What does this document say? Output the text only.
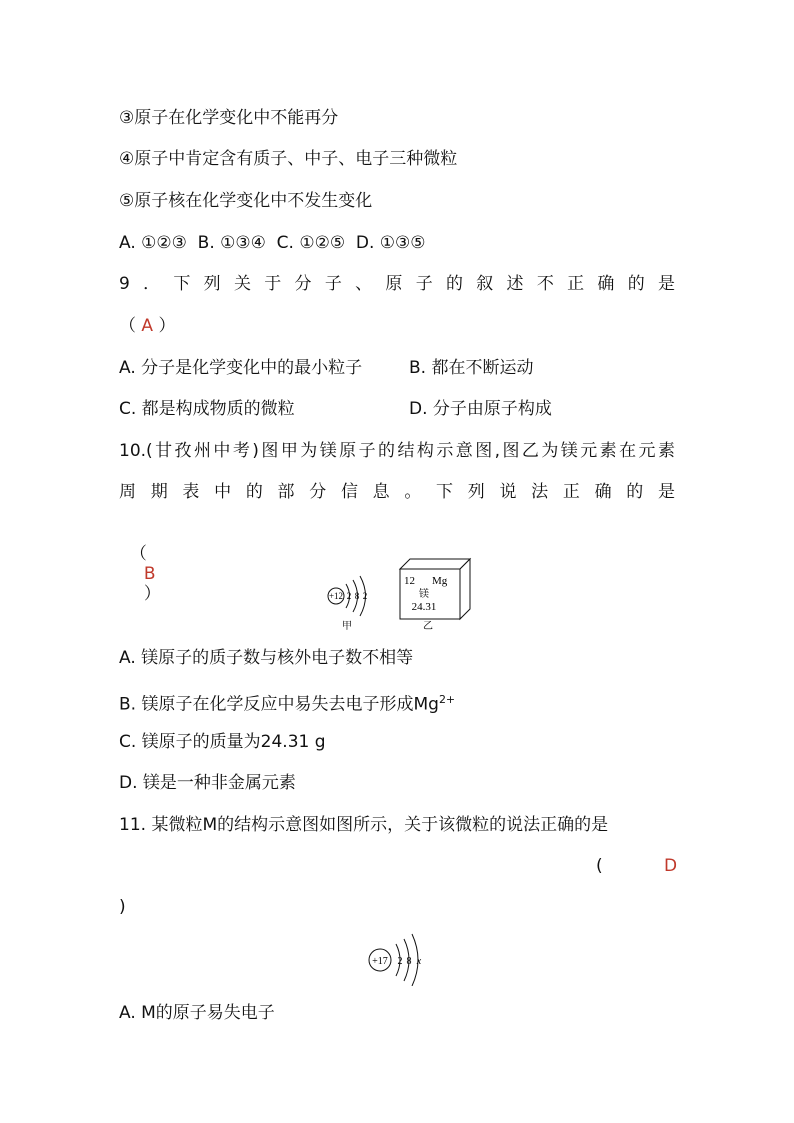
③原子在化学变化中不能再分
④原子中肯定含有质子、中子、电子三种微粒
⑤原子核在化学变化中不发生变化
A. ①②③  B. ①③④  C. ①②⑤  D. ①③⑤
9．下列关于分子、原子的叙述不正确的是
（ A ）
A. 分子是化学变化中的最小粒子	B. 都在不断运动
C. 都是构成物质的微粒	D. 分子由原子构成
10.(甘孜州中考)图甲为镁原子的结构示意图,图乙为镁元素在元素
周期表中的部分信息。下列说法正确的是

（
B
）	+12 2 8 2
甲
12 Mg
镁
24.31
乙
A. 镁原子的质子数与核外电子数不相等
B. 镁原子在化学反应中易失去电子形成$Mg^{2+}$
C. 镁原子的质量为24.31 g
D. 镁是一种非金属元素
11. 某微粒M的结构示意图如图所示，关于该微粒的说法正确的是
(	D
)
+17 2 8 x
A. M的原子易失电子
